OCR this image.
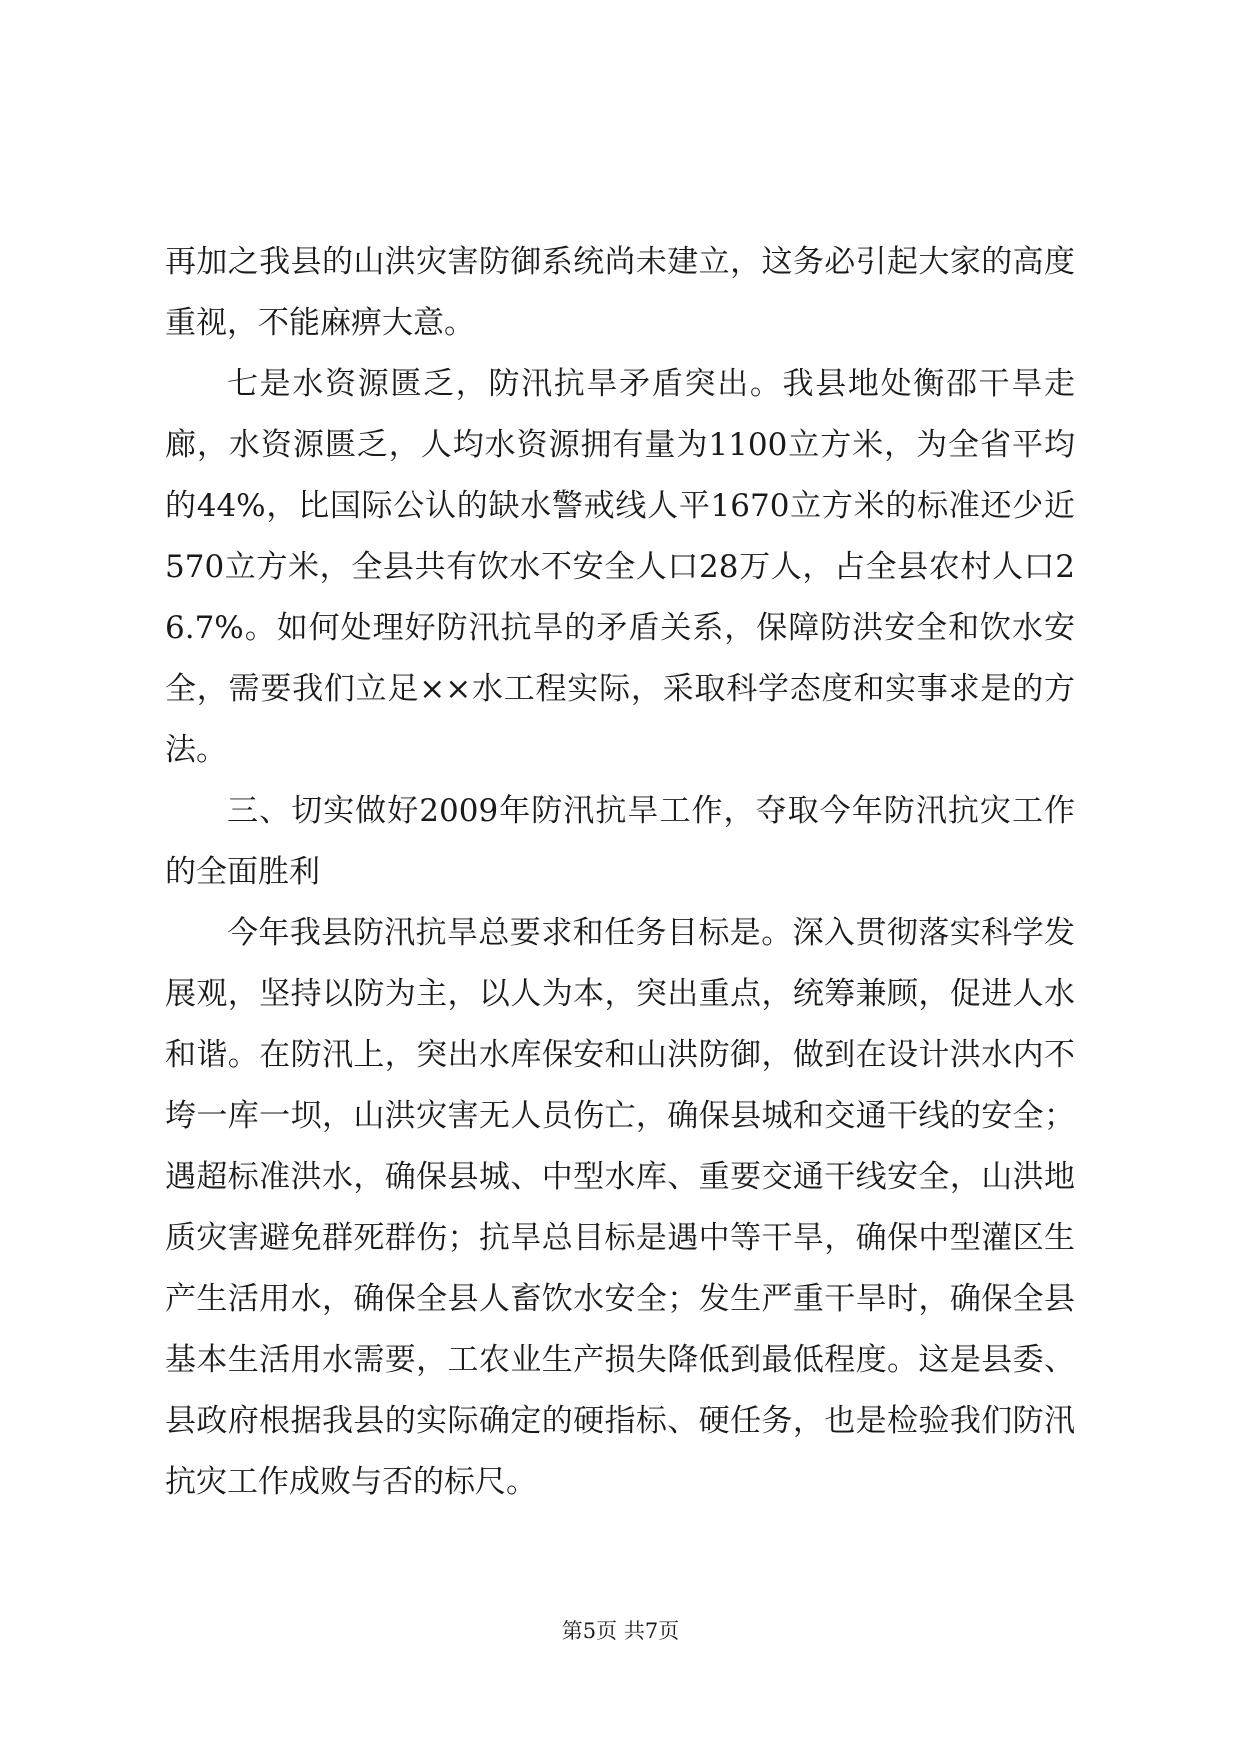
再加之我县的山洪灾害防御系统尚未建立，这务必引起大家的高度重视，不能麻痹大意。

七是水资源匮乏，防汛抗旱矛盾突出。我县地处衡邵干旱走廊，水资源匮乏，人均水资源拥有量为1100立方米，为全省平均的44%，比国际公认的缺水警戒线人平1670立方米的标准还少近570立方米，全县共有饮水不安全人口28万人，占全县农村人口26.7%。如何处理好防汛抗旱的矛盾关系，保障防洪安全和饮水安全，需要我们立足××水工程实际，采取科学态度和实事求是的方法。

三、切实做好2009年防汛抗旱工作，夺取今年防汛抗灾工作的全面胜利

今年我县防汛抗旱总要求和任务目标是。深入贯彻落实科学发展观，坚持以防为主，以人为本，突出重点，统筹兼顾，促进人水和谐。在防汛上，突出水库保安和山洪防御，做到在设计洪水内不垮一库一坝，山洪灾害无人员伤亡，确保县城和交通干线的安全；遇超标准洪水，确保县城、中型水库、重要交通干线安全，山洪地质灾害避免群死群伤；抗旱总目标是遇中等干旱，确保中型灌区生产生活用水，确保全县人畜饮水安全；发生严重干旱时，确保全县基本生活用水需要，工农业生产损失降低到最低程度。这是县委、县政府根据我县的实际确定的硬指标、硬任务，也是检验我们防汛抗灾工作成败与否的标尺。

第5页 共7页
